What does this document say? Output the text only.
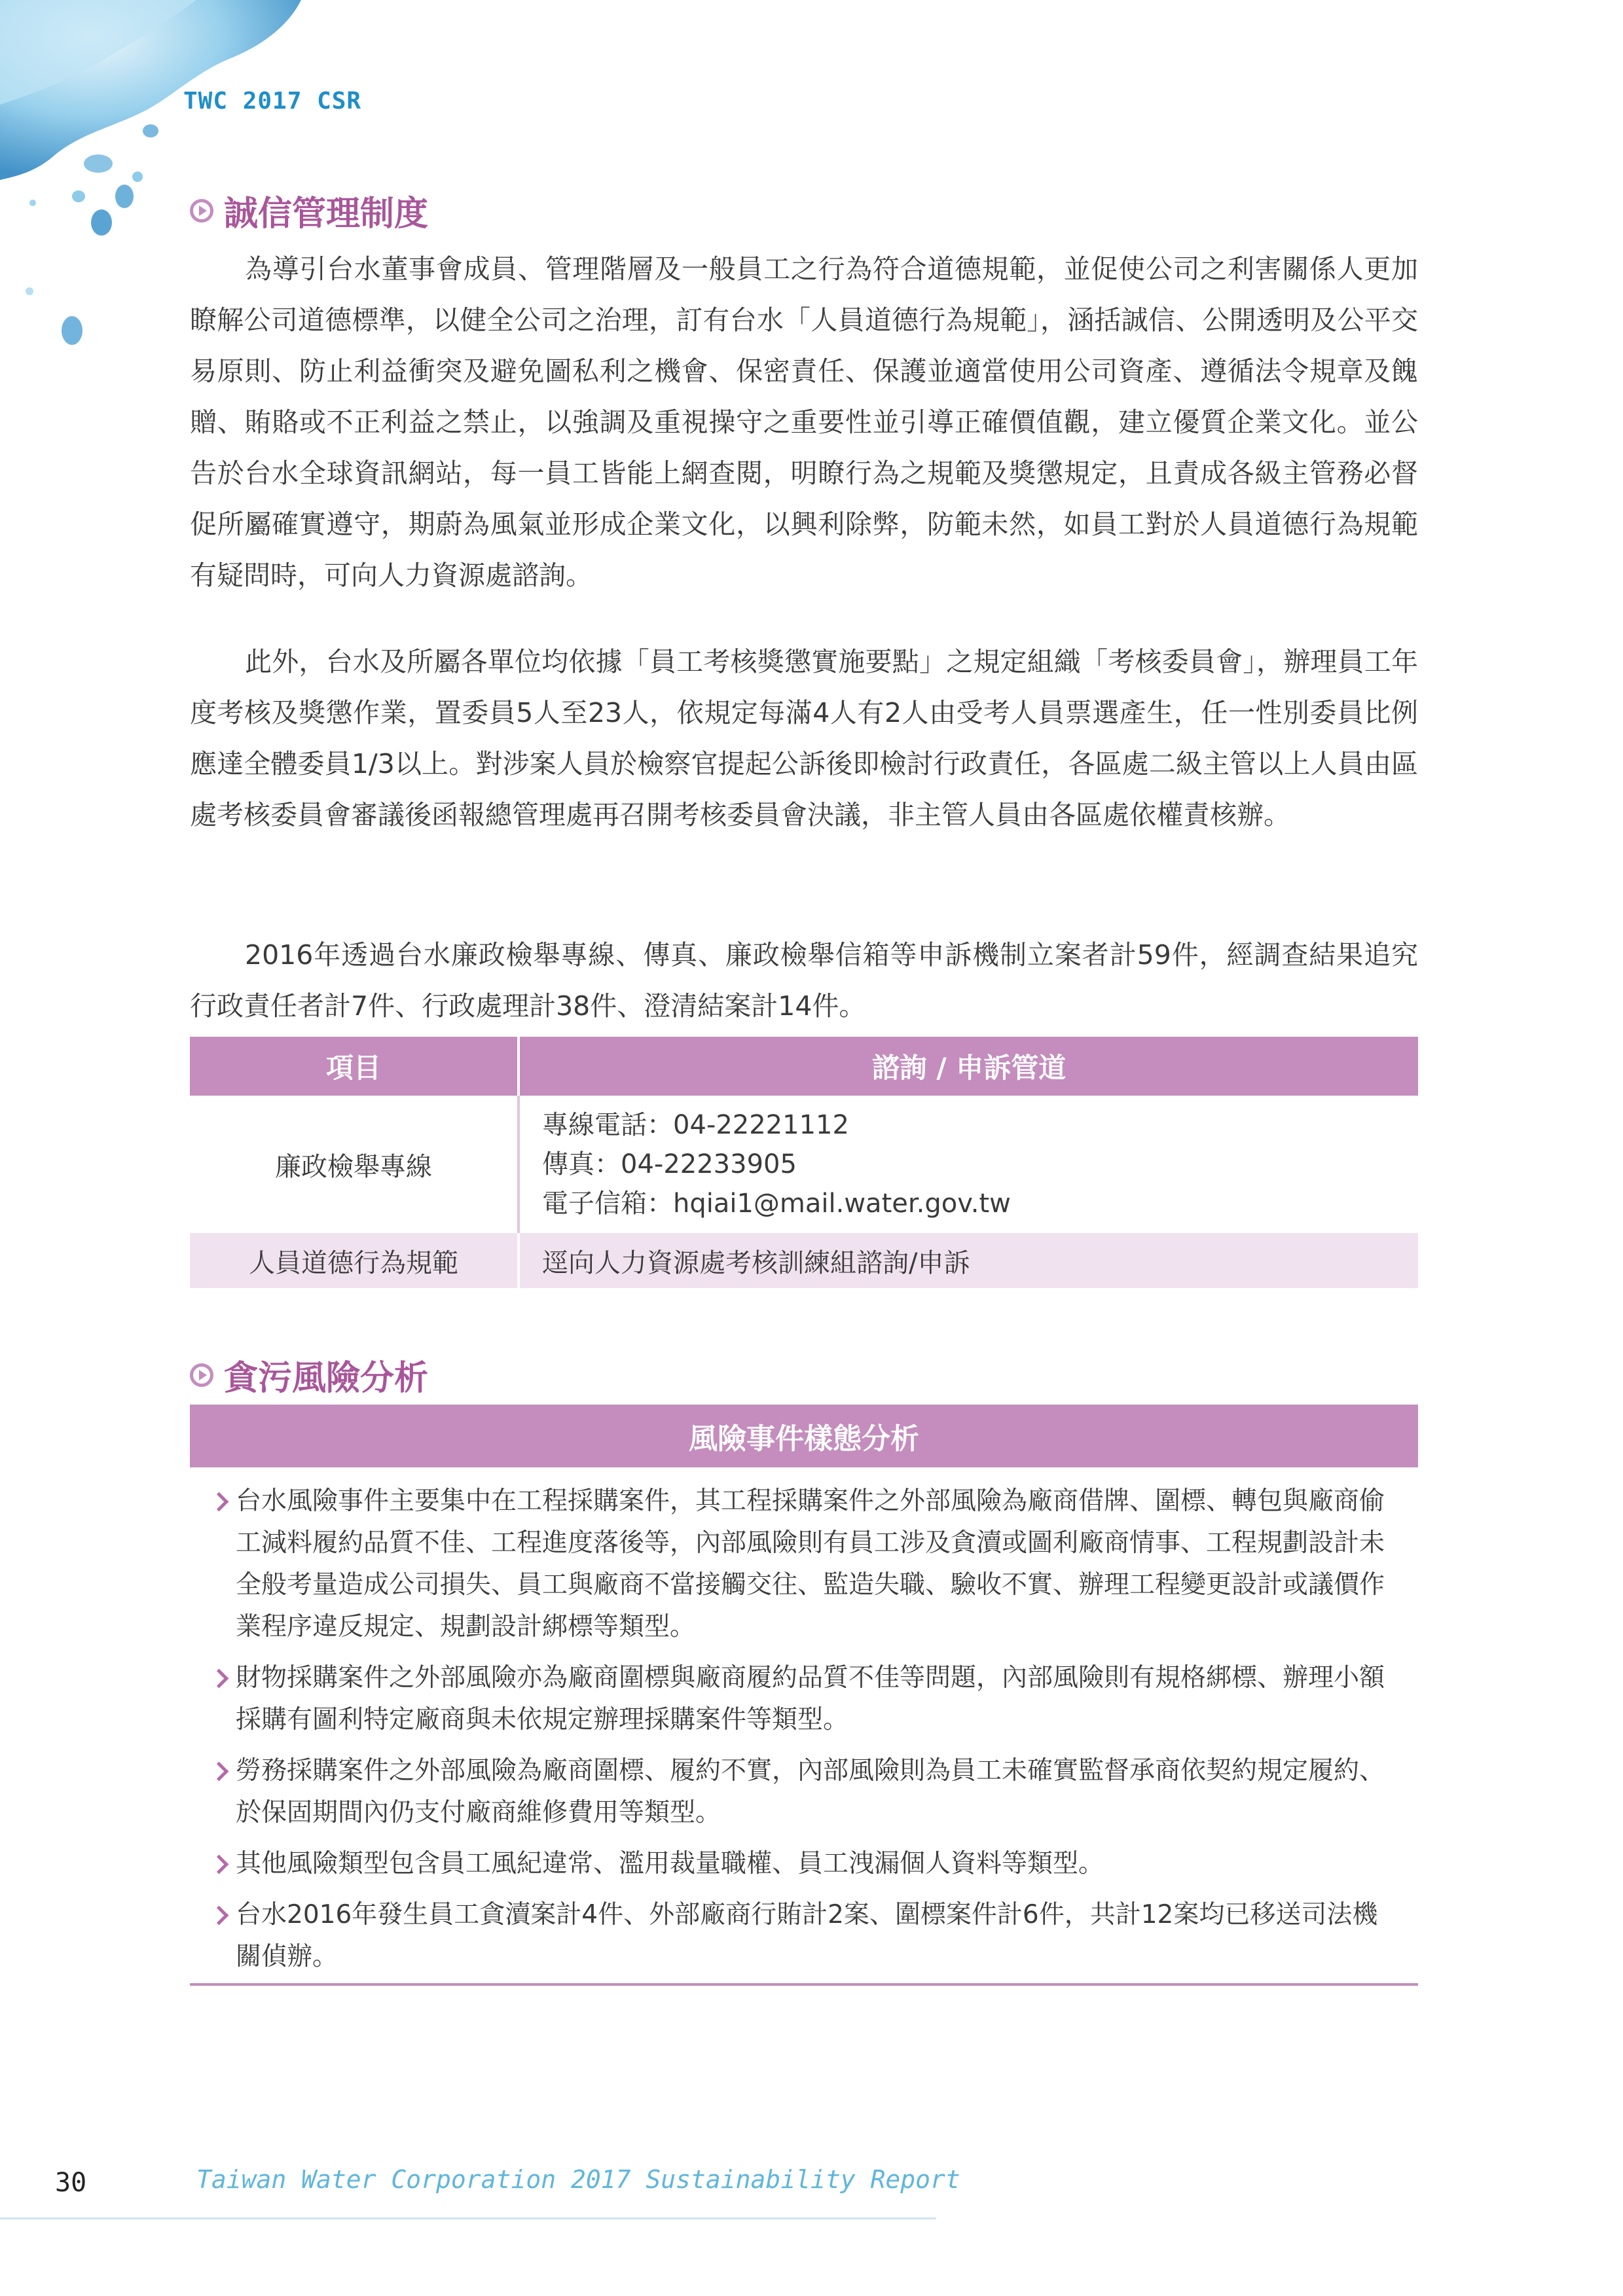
TWC 2017 CSR
誠信管理制度

為導引台水董事會成員、管理階層及一般員工之行為符合道德規範，並促使公司之利害關係人更加瞭解公司道德標準，以健全公司之治理，訂有台水「人員道德行為規範」，涵括誠信、公開透明及公平交易原則、防止利益衝突及避免圖私利之機會、保密責任、保護並適當使用公司資產、遵循法令規章及餽贈、賄賂或不正利益之禁止，以強調及重視操守之重要性並引導正確價值觀，建立優質企業文化。並公告於台水全球資訊網站，每一員工皆能上網查閱，明瞭行為之規範及獎懲規定，且責成各級主管務必督促所屬確實遵守，期蔚為風氣並形成企業文化，以興利除弊，防範未然，如員工對於人員道德行為規範有疑問時，可向人力資源處諮詢。

此外，台水及所屬各單位均依據「員工考核獎懲實施要點」之規定組織「考核委員會」，辦理員工年度考核及獎懲作業，置委員5人至23人，依規定每滿4人有2人由受考人員票選產生，任一性別委員比例應達全體委員1/3以上。對涉案人員於檢察官提起公訴後即檢討行政責任，各區處二級主管以上人員由區處考核委員會審議後函報總管理處再召開考核委員會決議，非主管人員由各區處依權責核辦。

2016年透過台水廉政檢舉專線、傳真、廉政檢舉信箱等申訴機制立案者計59件，經調查結果追究行政責任者計7件、行政處理計38件、澄清結案計14件。

項目	諮詢 / 申訴管道
廉政檢舉專線	專線電話：04-22221112
傳真：04-22233905
電子信箱：hqiai1@mail.water.gov.tw

人員道德行為規範	逕向人力資源處考核訓練組諮詢/申訴
貪污風險分析
風險事件樣態分析
台水風險事件主要集中在工程採購案件，其工程採購案件之外部風險為廠商借牌、圍標、轉包與廠商偷工減料履約品質不佳、工程進度落後等，內部風險則有員工涉及貪瀆或圖利廠商情事、工程規劃設計未全般考量造成公司損失、員工與廠商不當接觸交往、監造失職、驗收不實、辦理工程變更設計或議價作業程序違反規定、規劃設計綁標等類型。
財物採購案件之外部風險亦為廠商圍標與廠商履約品質不佳等問題，內部風險則有規格綁標、辦理小額採購有圖利特定廠商與未依規定辦理採購案件等類型。
勞務採購案件之外部風險為廠商圍標、履約不實，內部風險則為員工未確實監督承商依契約規定履約、於保固期間內仍支付廠商維修費用等類型。
其他風險類型包含員工風紀違常、濫用裁量職權、員工洩漏個人資料等類型。
台水2016年發生員工貪瀆案計4件、外部廠商行賄計2案、圍標案件計6件，共計12案均已移送司法機關偵辦。
30	Taiwan Water Corporation 2017 Sustainability Report
